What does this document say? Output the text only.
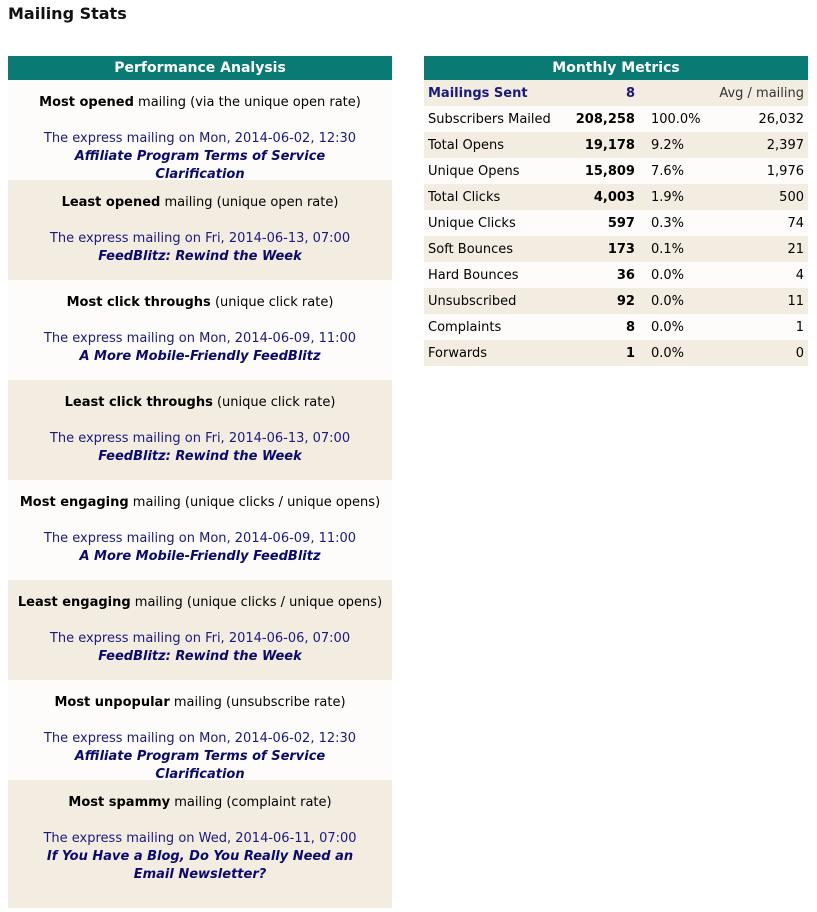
Mailing Stats
Performance Analysis
Most opened mailing (via the unique open rate)
The express mailing on Mon, 2014-06-02, 12:30
Affiliate Program Terms of Service Clarification
Least opened mailing (unique open rate)
The express mailing on Fri, 2014-06-13, 07:00
FeedBlitz: Rewind the Week
Most click throughs (unique click rate)
The express mailing on Mon, 2014-06-09, 11:00
A More Mobile-Friendly FeedBlitz
Least click throughs (unique click rate)
The express mailing on Fri, 2014-06-13, 07:00
FeedBlitz: Rewind the Week
Most engaging mailing (unique clicks / unique opens)
The express mailing on Mon, 2014-06-09, 11:00
A More Mobile-Friendly FeedBlitz
Least engaging mailing (unique clicks / unique opens)
The express mailing on Fri, 2014-06-06, 07:00
FeedBlitz: Rewind the Week
Most unpopular mailing (unsubscribe rate)
The express mailing on Mon, 2014-06-02, 12:30
Affiliate Program Terms of Service Clarification
Most spammy mailing (complaint rate)
The express mailing on Wed, 2014-06-11, 07:00
If You Have a Blog, Do You Really Need an Email Newsletter?
Monthly Metrics
Mailings Sent	8		Avg / mailing
Subscribers Mailed	208,258	100.0%	26,032
Total Opens	19,178	9.2%	2,397
Unique Opens	15,809	7.6%	1,976
Total Clicks	4,003	1.9%	500
Unique Clicks	597	0.3%	74
Soft Bounces	173	0.1%	21
Hard Bounces	36	0.0%	4
Unsubscribed	92	0.0%	11
Complaints	8	0.0%	1
Forwards	1	0.0%	0
